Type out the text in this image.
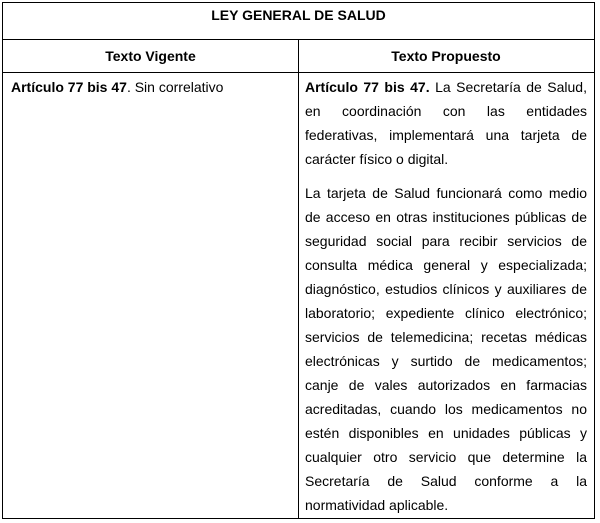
LEY GENERAL DE SALUD
Texto Vigente	Texto Propuesto

Artículo 77 bis 47. Sin correlativo	Artículo 77 bis 47. La Secretaría de Salud, en coordinación con las entidades federativas, implementará una tarjeta de carácter físico o digital.

La tarjeta de Salud funcionará como medio de acceso en otras instituciones públicas de seguridad social para recibir servicios de consulta médica general y especializada; diagnóstico, estudios clínicos y auxiliares de laboratorio; expediente clínico electrónico; servicios de telemedicina; recetas médicas electrónicas y surtido de medicamentos; canje de vales autorizados en farmacias acreditadas, cuando los medicamentos no estén disponibles en unidades públicas y cualquier otro servicio que determine la Secretaría de Salud conforme a la normatividad aplicable.
